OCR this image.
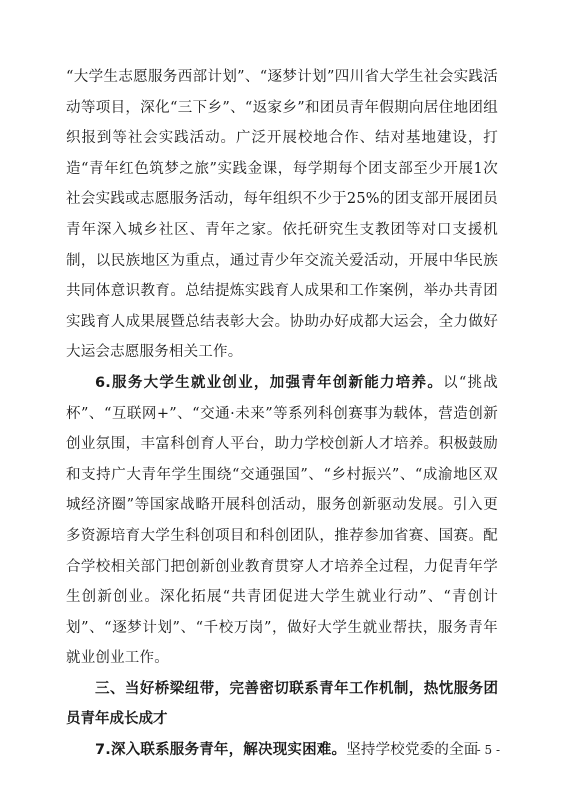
“大学生志愿服务西部计划”、“逐梦计划”四川省大学生社会实践活动等项目，深化“三下乡”、“返家乡”和团员青年假期向居住地团组织报到等社会实践活动。广泛开展校地合作、结对基地建设，打造“青年红色筑梦之旅”实践金课，每学期每个团支部至少开展1次社会实践或志愿服务活动，每年组织不少于25%的团支部开展团员青年深入城乡社区、青年之家。依托研究生支教团等对口支援机制，以民族地区为重点，通过青少年交流关爱活动，开展中华民族共同体意识教育。总结提炼实践育人成果和工作案例，举办共青团实践育人成果展暨总结表彰大会。协助办好成都大运会，全力做好大运会志愿服务相关工作。

6.服务大学生就业创业，加强青年创新能力培养。以“挑战杯”、“互联网+”、“交通·未来”等系列科创赛事为载体，营造创新创业氛围，丰富科创育人平台，助力学校创新人才培养。积极鼓励和支持广大青年学生围绕“交通强国”、“乡村振兴”、“成渝地区双城经济圈”等国家战略开展科创活动，服务创新驱动发展。引入更多资源培育大学生科创项目和科创团队，推荐参加省赛、国赛。配合学校相关部门把创新创业教育贯穿人才培养全过程，力促青年学生创新创业。深化拓展“共青团促进大学生就业行动”、“青创计划”、“逐梦计划”、“千校万岗”，做好大学生就业帮扶，服务青年就业创业工作。

三、当好桥梁纽带，完善密切联系青年工作机制，热忱服务团员青年成长成才

7.深入联系服务青年，解决现实困难。坚持学校党委的全面

- 5 -
